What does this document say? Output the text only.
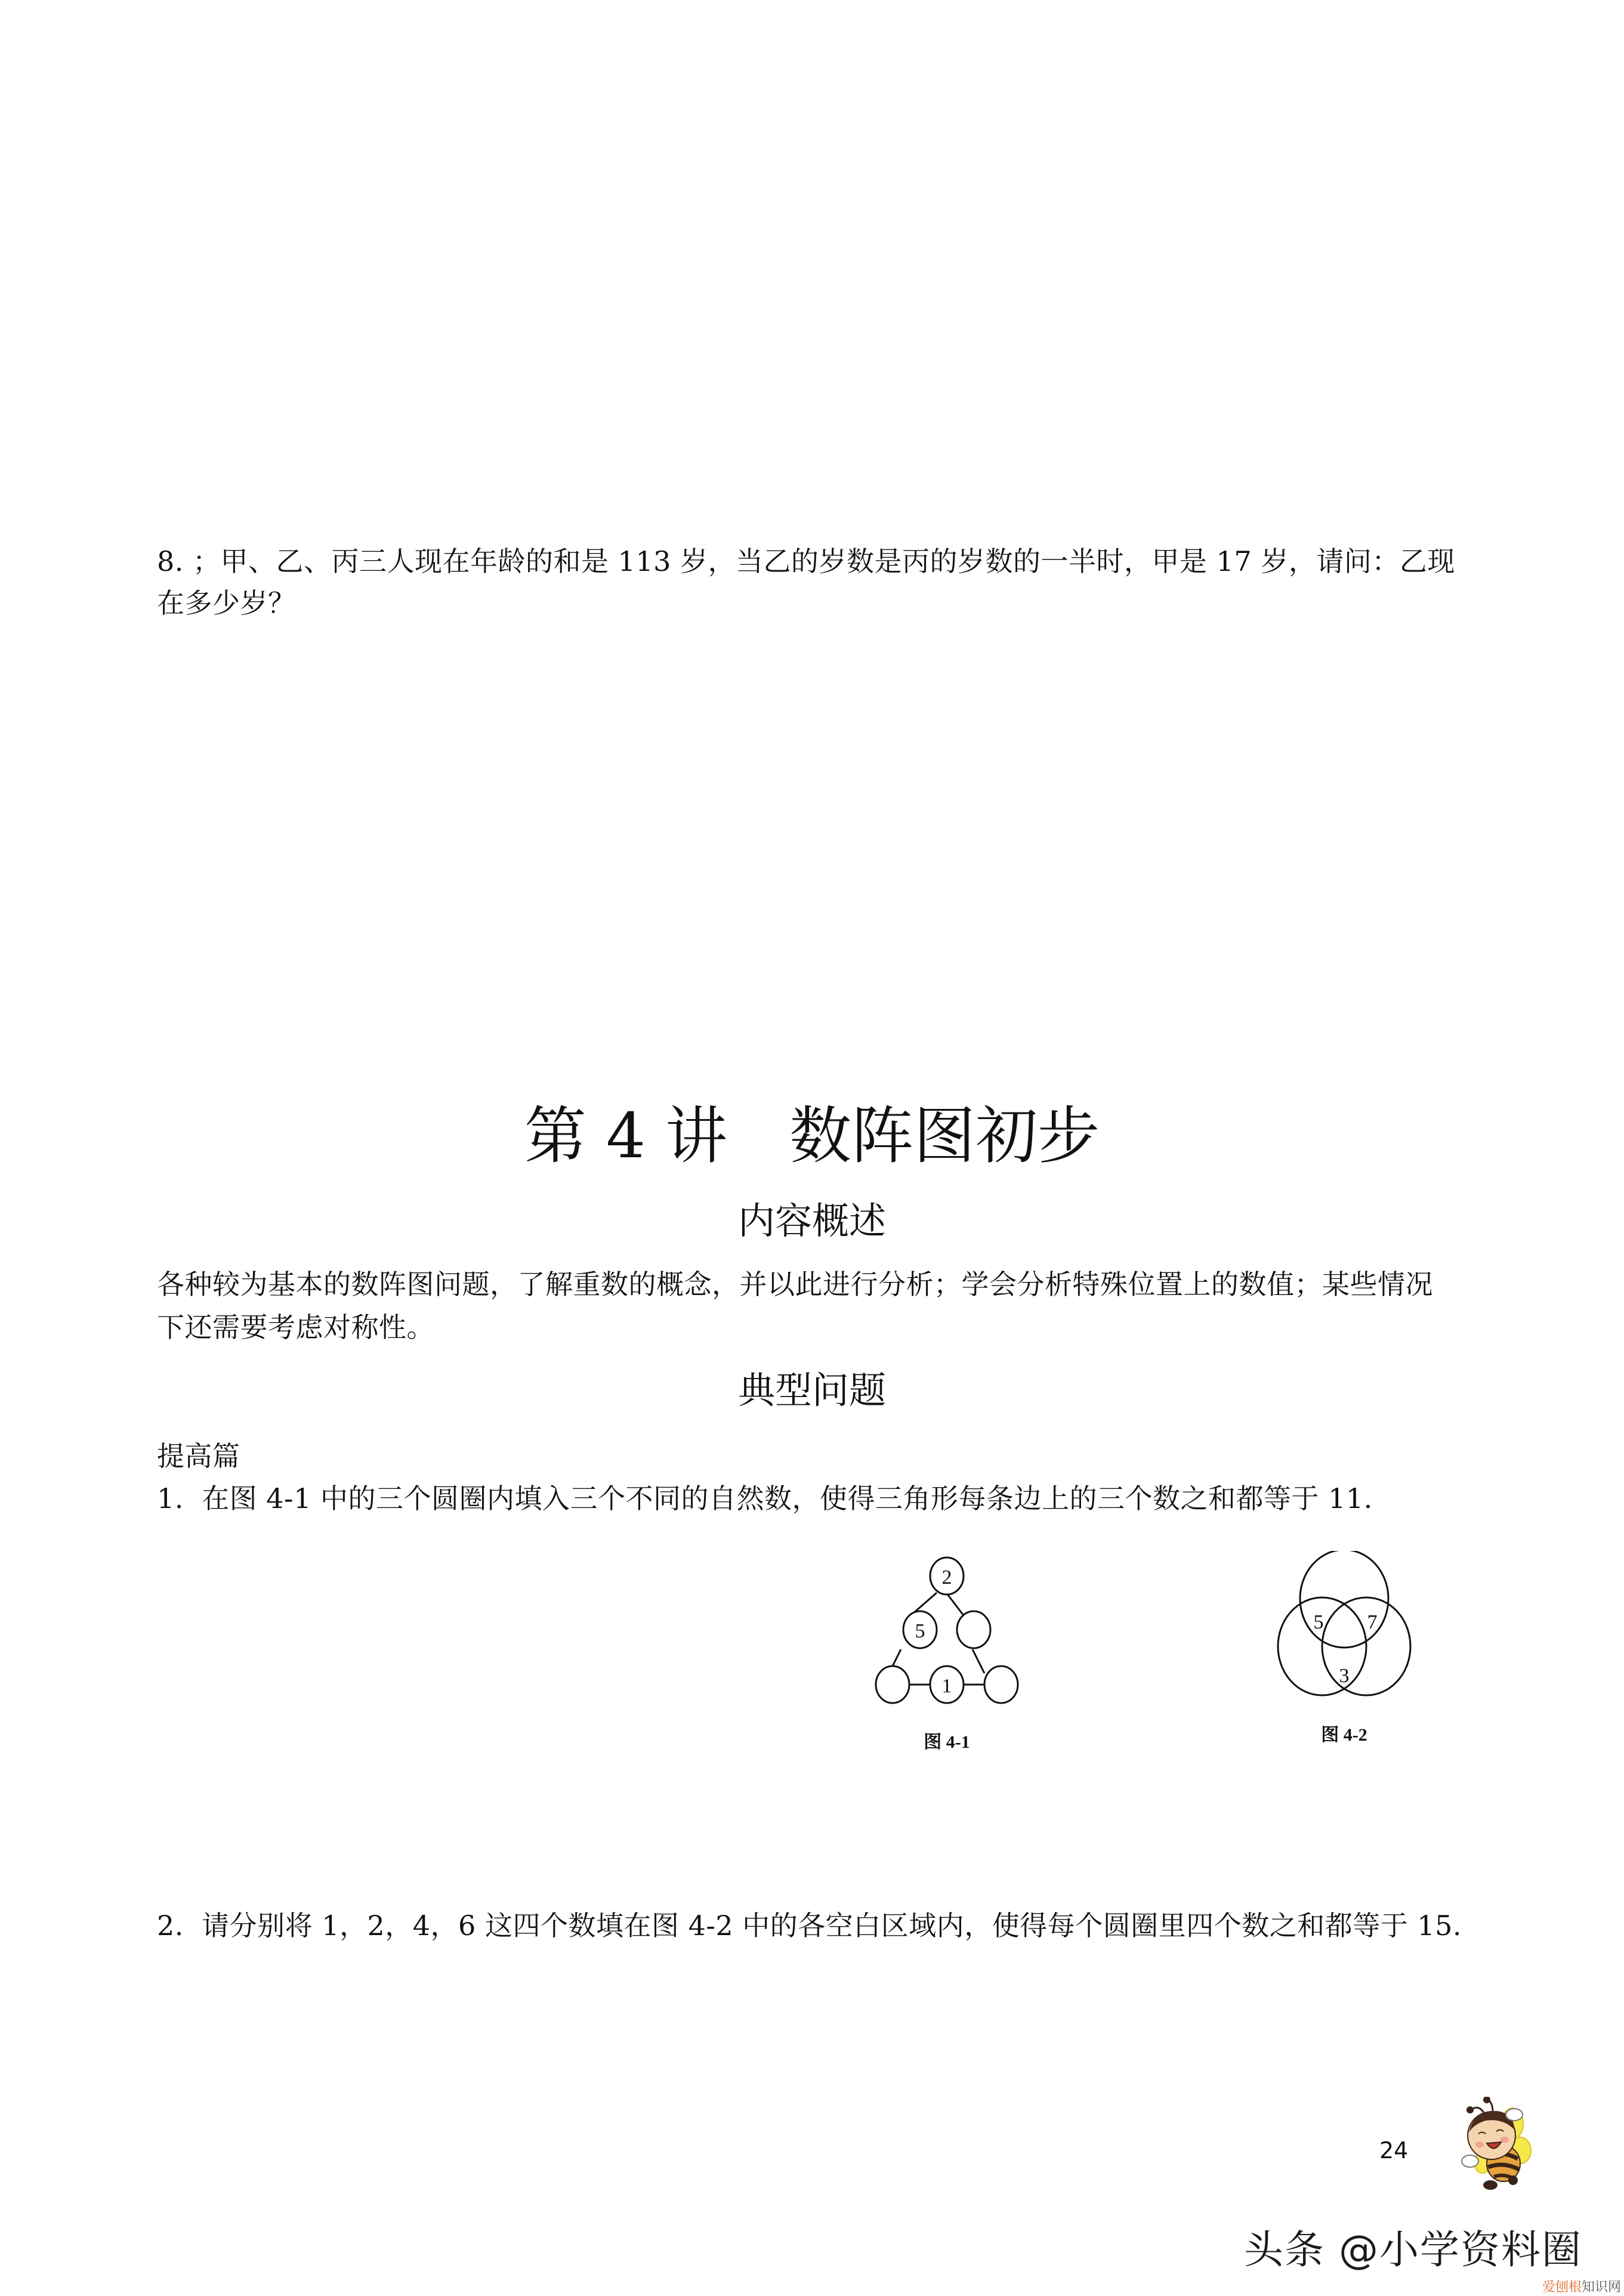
8. ；甲、乙、丙三人现在年龄的和是 113 岁，当乙的岁数是丙的岁数的一半时，甲是 17 岁，请问：乙现
在多少岁？
第 4 讲　数阵图初步
内容概述
各种较为基本的数阵图问题，了解重数的概念，并以此进行分析；学会分析特殊位置上的数值；某些情况
下还需要考虑对称性。
典型问题
提高篇
1.  在图 4-1 中的三个圆圈内填入三个不同的自然数，使得三角形每条边上的三个数之和都等于 11.
2
5
1
图 4-1
5 7
3
图 4-2
2.  请分别将 1，2，4，6 这四个数填在图 4-2 中的各空白区域内，使得每个圆圈里四个数之和都等于 15.
24
头条 @小学资料圈
爱刨根知识网
